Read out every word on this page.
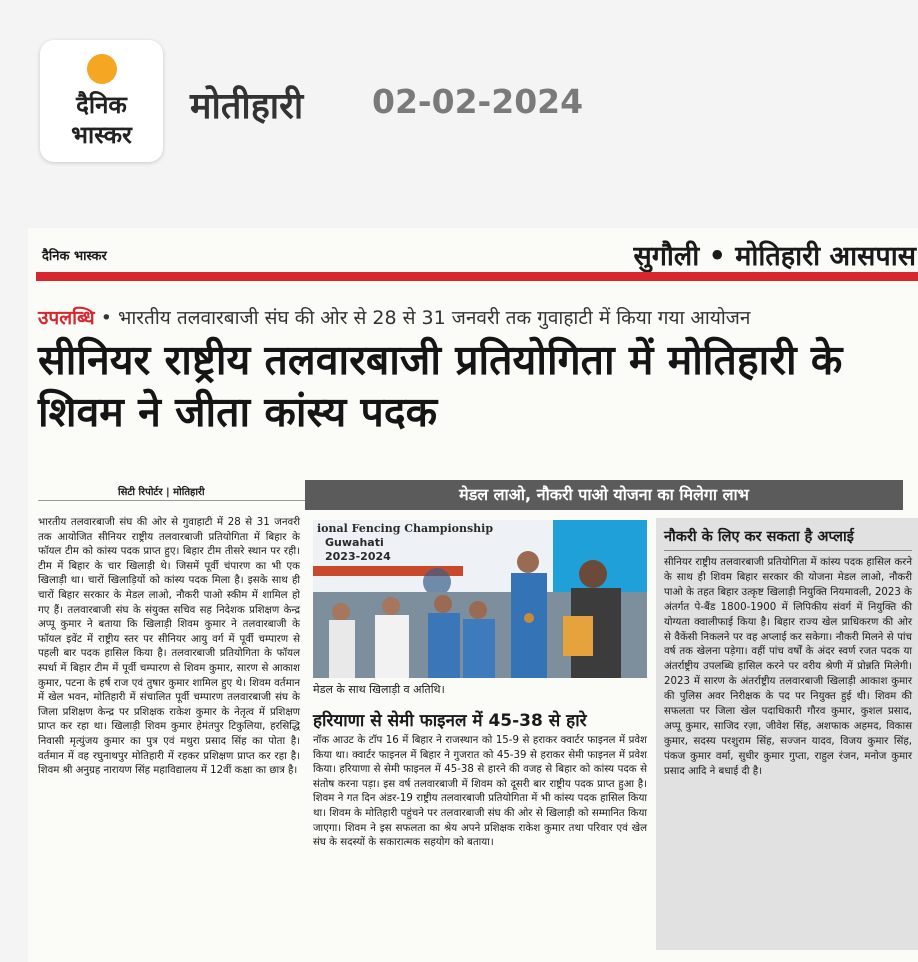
दैनिक
भास्कर
मोतीहारी 02-02-2024
दैनिक भास्कर	सुगौली • मोतिहारी आसपास
उपलब्धि • भारतीय तलवारबाजी संघ की ओर से 28 से 31 जनवरी तक गुवाहाटी में किया गया आयोजन
सीनियर राष्ट्रीय तलवारबाजी प्रतियोगिता में मोतिहारी के शिवम ने जीता कांस्य पदक
सिटी रिपोर्टर | मोतिहारी
भारतीय तलवारबाजी संघ की ओर से गुवाहाटी में 28 से 31 जनवरी तक आयोजित सीनियर राष्ट्रीय तलवारबाजी प्रतियोगिता में बिहार के फॉयल टीम को कांस्य पदक प्राप्त हुए। बिहार टीम तीसरे स्थान पर रही। टीम में बिहार के चार खिलाड़ी थे। जिसमें पूर्वी चंपारण का भी एक खिलाड़ी था। चारों खिलाड़ियों को कांस्य पदक मिला है। इसके साथ ही चारों बिहार सरकार के मेडल लाओ, नौकरी पाओ स्कीम में शामिल हो गए हैं। तलवारबाजी संघ के संयुक्त सचिव सह निदेशक प्रशिक्षण केन्द्र अप्पू कुमार ने बताया कि खिलाड़ी शिवम कुमार ने तलवारबाजी के फॉयल इवेंट में राष्ट्रीय स्तर पर सीनियर आयु वर्ग में पूर्वी चम्पारण से पहली बार पदक हासिल किया है। तलवारबाजी प्रतियोगिता के फॉयल स्पर्धा में बिहार टीम में पूर्वी चम्पारण से शिवम कुमार, सारण से आकाश कुमार, पटना के हर्ष राज एवं तुषार कुमार शामिल हुए थे। शिवम वर्तमान में खेल भवन, मोतिहारी में संचालित पूर्वी चम्पारण तलवारबाजी संघ के जिला प्रशिक्षण केन्द्र पर प्रशिक्षक राकेश कुमार के नेतृत्व में प्रशिक्षण प्राप्त कर रहा था। खिलाड़ी शिवम कुमार हेमंतपुर टिकुलिया, हरसिद्धि निवासी मृत्युंजय कुमार का पुत्र एवं मथुरा प्रसाद सिंह का पोता है। वर्तमान में वह रघुनाथपुर मोतिहारी में रहकर प्रशिक्षण प्राप्त कर रहा है। शिवम श्री अनुग्रह नारायण सिंह महाविद्यालय में 12वीं कक्षा का छात्र है।
मेडल लाओ, नौकरी पाओ योजना का मिलेगा लाभ
ional Fencing Championship
Guwahati
2023-2024
मेडल के साथ खिलाड़ी व अतिथि।
हरियाणा से सेमी फाइनल में 45-38 से हारे
नॉक आउट के टॉप 16 में बिहार ने राजस्थान को 15-9 से हराकर क्वार्टर फाइनल में प्रवेश किया था। क्वार्टर फाइनल में बिहार ने गुजरात को 45-39 से हराकर सेमी फाइनल में प्रवेश किया। हरियाणा से सेमी फाइनल में 45-38 से हारने की वजह से बिहार को कांस्य पदक से संतोष करना पड़ा। इस वर्ष तलवारबाजी में शिवम को दूसरी बार राष्ट्रीय पदक प्राप्त हुआ है। शिवम ने गत दिन अंडर-19 राष्ट्रीय तलवारबाजी प्रतियोगिता में भी कांस्य पदक हासिल किया था। शिवम के मोतिहारी पहुंचने पर तलवारबाजी संघ की ओर से खिलाड़ी को सम्मानित किया जाएगा। शिवम ने इस सफलता का श्रेय अपने प्रशिक्षक राकेश कुमार तथा परिवार एवं खेल संघ के सदस्यों के सकारात्मक सहयोग को बताया।
नौकरी के लिए कर सकता है अप्लाई
सीनियर राष्ट्रीय तलवारबाजी प्रतियोगिता में कांस्य पदक हासिल करने के साथ ही शिवम बिहार सरकार की योजना मेडल लाओ, नौकरी पाओ के तहत बिहार उत्कृष्ट खिलाड़ी नियुक्ति नियमावली, 2023 के अंतर्गत पे-बैंड 1800-1900 में लिपिकीय संवर्ग में नियुक्ति की योग्यता क्वालीफाई किया है। बिहार राज्य खेल प्राधिकरण की ओर से वैकेंसी निकलने पर वह अप्लाई कर सकेगा। नौकरी मिलने से पांच वर्ष तक खेलना पड़ेगा। वहीं पांच वर्षों के अंदर स्वर्ण रजत पदक या अंतर्राष्ट्रीय उपलब्धि हासिल करने पर वरीय श्रेणी में प्रोन्नति मिलेगी। 2023 में सारण के अंतर्राष्ट्रीय तलवारबाजी खिलाड़ी आकाश कुमार की पुलिस अवर निरीक्षक के पद पर नियुक्त हुई थी। शिवम की सफलता पर जिला खेल पदाधिकारी गौरव कुमार, कुशल प्रसाद, अप्पू कुमार, साजिद रज़ा, जीवेश सिंह, अशफाक अहमद, विकास कुमार, सदस्य परशुराम सिंह, सज्जन यादव, विजय कुमार सिंह, पंकज कुमार वर्मा, सुधीर कुमार गुप्ता, राहुल रंजन, मनोज कुमार प्रसाद आदि ने बधाई दी है।
